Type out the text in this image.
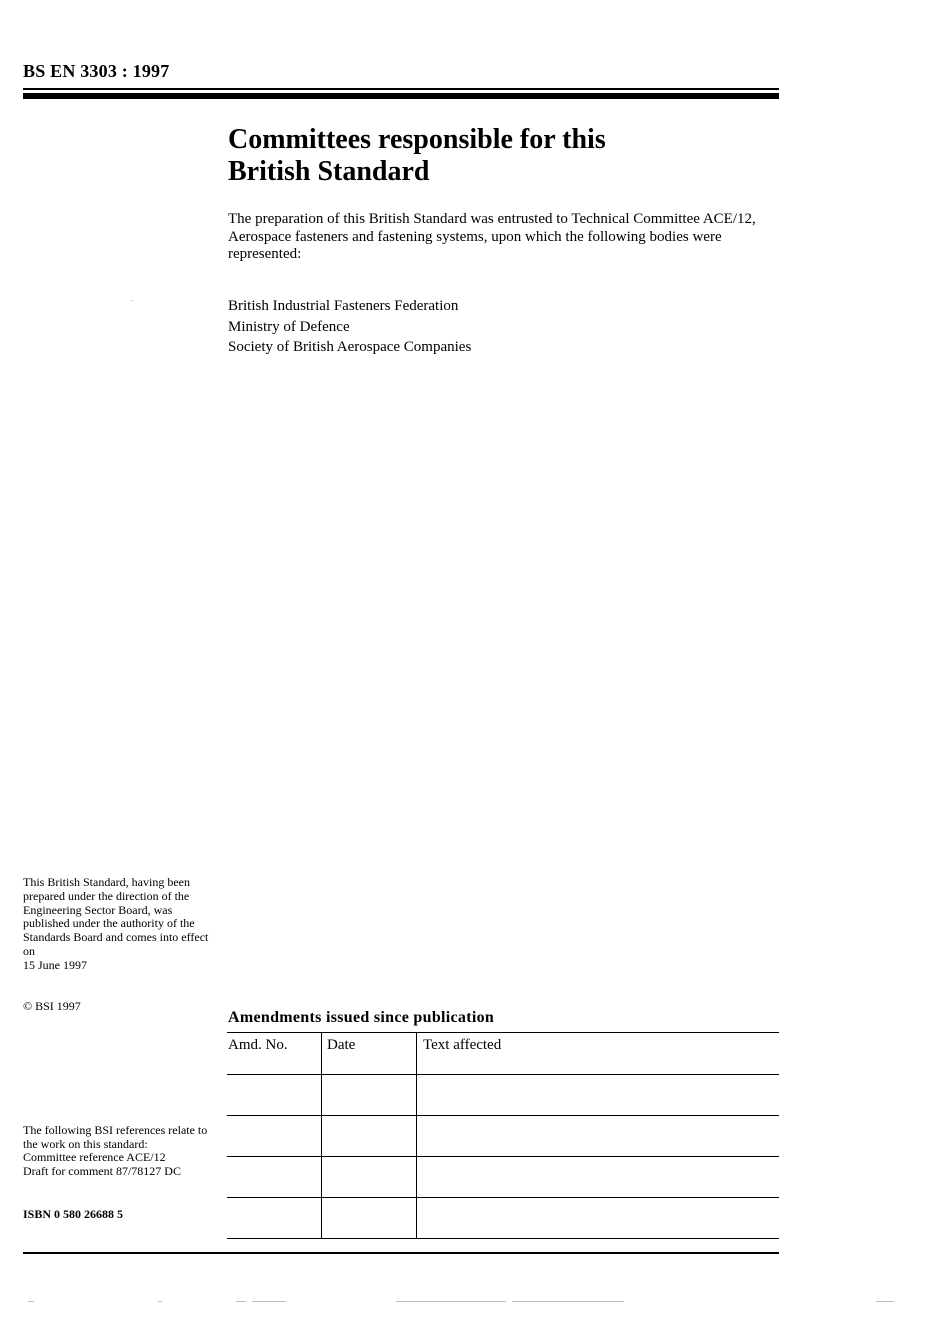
BS EN 3303 : 1997
Committees responsible for this
British Standard
The preparation of this British Standard was entrusted to Technical Committee ACE/12, Aerospace fasteners and fastening systems, upon which the following bodies were represented:
British Industrial Fasteners Federation
Ministry of Defence
Society of British Aerospace Companies
This British Standard, having been prepared under the direction of the Engineering Sector Board, was published under the authority of the Standards Board and comes into effect on
15 June 1997
© BSI 1997
Amendments issued since publication
Amd. No.	Date	Text affected

The following BSI references relate to the work on this standard:
Committee reference ACE/12
Draft for comment 87/78127 DC
ISBN 0 580 26688 5
